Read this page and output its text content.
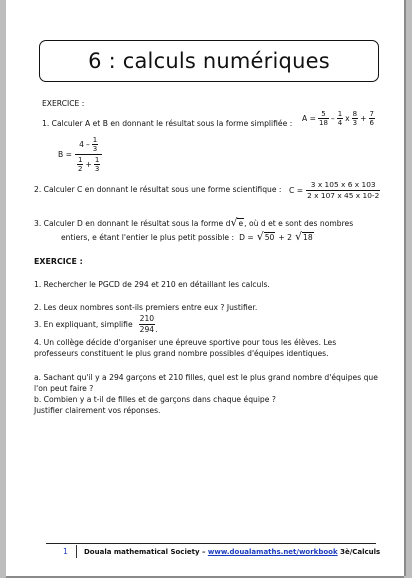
6 : calculs numériques
EXERCICE :
1. Calculer A et B en donnant le résultat sous la forme simplifiée :
$A = \frac{5}{18} - \frac{1}{4}$ x $\frac{8}{3} + \frac{7}{6}$
$B = \frac{4 - \frac{1}{3}}{\frac{1}{2} + \frac{1}{3}}$
2. Calculer C en donnant le résultat sous une forme scientifique : $C = \frac{3 x 105 x 6 x 103}{2 x 107 x 45 x 10-2}$
3. Calculer D en donnant le résultat sous la forme d √e , où d et e sont des nombres
entiers, e étant l'entier le plus petit possible : D = √50 + 2 √18
EXERCICE :
1. Rechercher le PGCD de 294 et 210 en détaillant les calculs.
2. Les deux nombres sont-ils premiers entre eux ? Justifier.
3. En expliquant, simplifie $\frac{210}{294}$ .
4. Un collège décide d'organiser une épreuve sportive pour tous les élèves. Les
professeurs constituent le plus grand nombre possibles d'équipes identiques.
a. Sachant qu'il y a 294 garçons et 210 filles, quel est le plus grand nombre d'équipes que
l'on peut faire ?
b. Combien y a t-il de filles et de garçons dans chaque équipe ?
Justifier clairement vos réponses.
1 Douala mathematical Society – www.doualamaths.net/workbook 3è/Calculs
